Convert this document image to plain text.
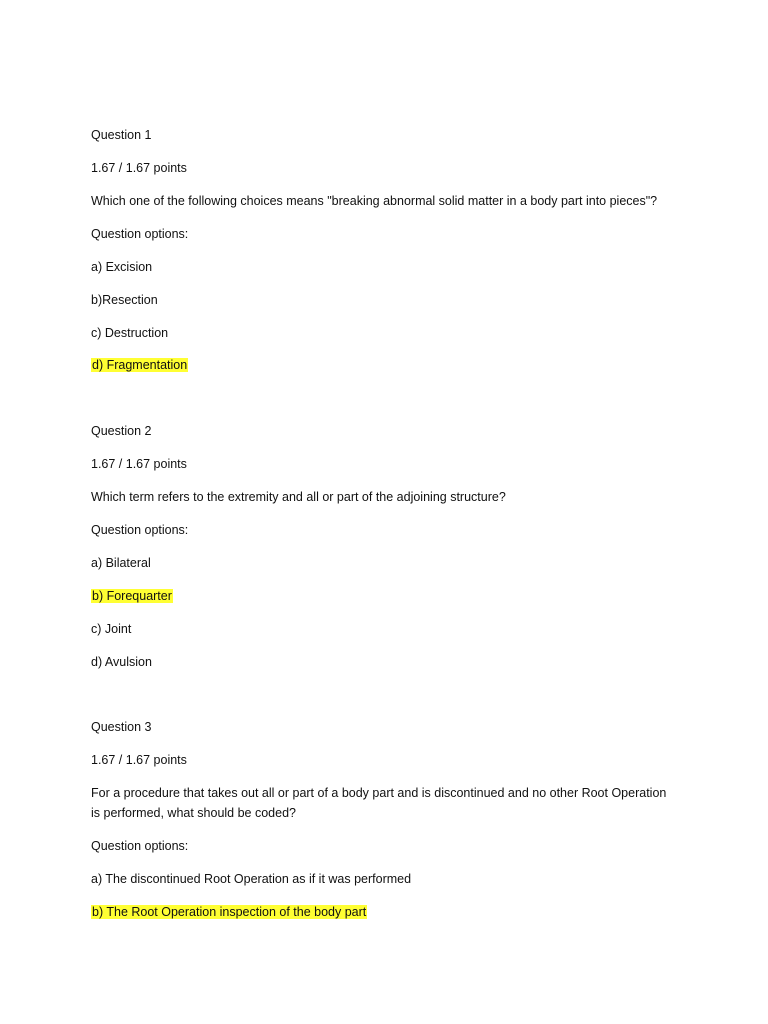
Question 1
1.67 / 1.67 points
Which one of the following choices means "breaking abnormal solid matter in a body part into pieces"?
Question options:
a) Excision
b)Resection
c) Destruction
d) Fragmentation
Question 2
1.67 / 1.67 points
Which term refers to the extremity and all or part of the adjoining structure?
Question options:
a) Bilateral
b) Forequarter
c) Joint
d) Avulsion
Question 3
1.67 / 1.67 points
For a procedure that takes out all or part of a body part and is discontinued and no other Root Operation
is performed, what should be coded?
Question options:
a) The discontinued Root Operation as if it was performed
b) The Root Operation inspection of the body part
